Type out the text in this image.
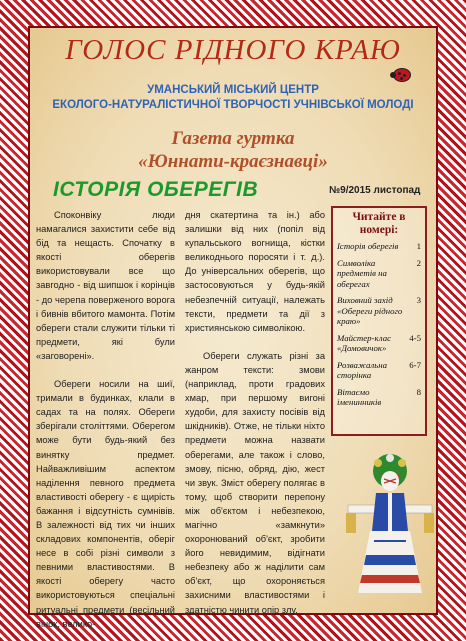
ГОЛОС РІДНОГО КРАЮ
УМАНСЬКИЙ МІСЬКИЙ ЦЕНТР
ЕКОЛОГО-НАТУРАЛІСТИЧНОЇ ТВОРЧОСТІ УЧНІВСЬКОЇ МОЛОДІ
Газета гуртка
«Юннати-краєзнавці»
ІСТОРІЯ ОБЕРЕГІВ	№9/2015 листопад

Споконвіку люди намагалися захистити себе від бід та нещасть. Спочатку в якості оберегів використовували все що завгодно - від шипшок і корінців - до черепа поверженого ворога і бивнів вбитого мамонта. Потім обереги стали служити тільки ті предмети, які були «заговорені».

Обереги носили на шиї, тримали в будинках, клали в садах та на полях. Обереги зберігали століттями. Оберегом може бути будь-який без винятку предмет. Найважливішим аспектом наділення певного предмета властивості оберегу - є щирість бажання і відсутність сумнівів. В залежності від тих чи інших складових компонентів, оберіг несе в собі різні символи з певними властивостями. В якості оберегу часто використовуються спеціальні ритуальні предмети (весільний вінок, велико-

дня скатертина та ін.) або залишки від них (попіл від купальського вогнища, кістки великоднього поросяти і т. д.). До універсальних оберегів, що застосовуються у будь-якій небезпечній ситуації, належать тексти, предмети та дії з християнською символікою.

Обереги служать різні за жанром тексти: змови (наприклад, проти градових хмар, при першому вигоні худоби, для захисту посівів від шкідників). Отже, не тільки ніхто предмети можна назвати оберегами, але також і слово, змову, пісню, обряд, дію, жест чи звук. Зміст оберегу полягає в тому, щоб створити перепону між об'єктом і небезпекою, магічно «замкнути» охоронюваний об'єкт, зробити його невидимим, відігнати небезпеку або ж наділити сам об'єкт, що охороняється захисними властивостями і здатністю чинити опір злу.

Читайте в номері:
Історія оберегів	1
Символіка предметів на оберегах
2
Виховний захід «Обереги рідного краю»
3
Майстер-клас «Домовичок»
4-5
Розважальна сторінка
6-7
Вітаємо іменинників
8
